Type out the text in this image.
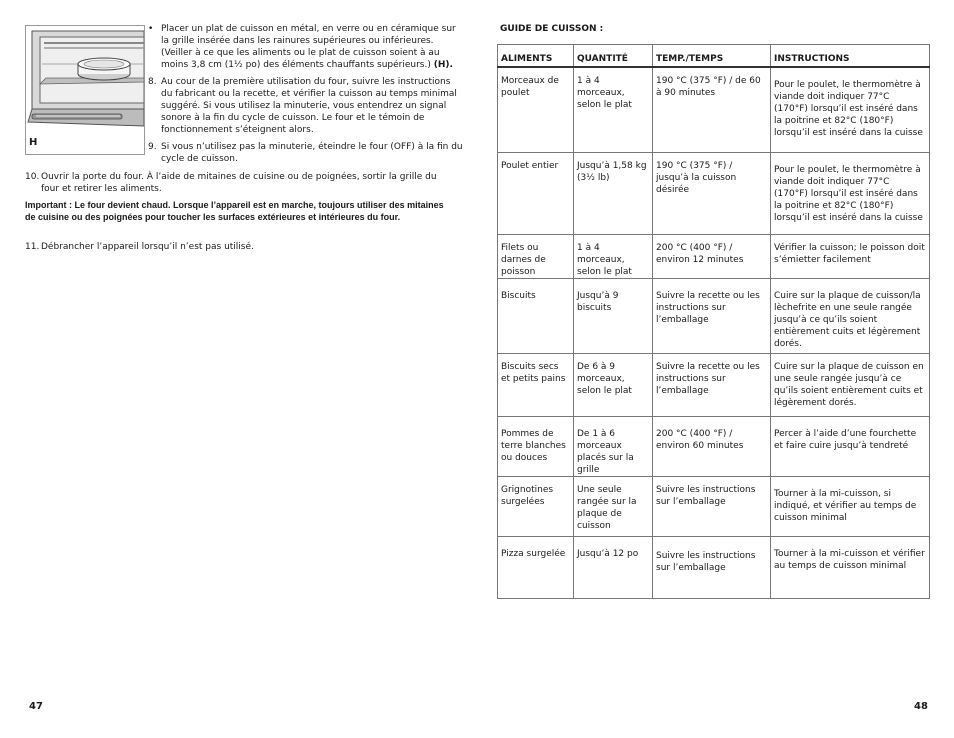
H
• Placer un plat de cuisson en métal, en verre ou en céramique sur la grille insérée dans les rainures supérieures ou inférieures. (Veiller à ce que les aliments ou le plat de cuisson soient à au moins 3,8 cm (1½ po) des éléments chauffants supérieurs.) (H).
8. Au cour de la première utilisation du four, suivre les instructions du fabricant ou la recette, et vérifier la cuisson au temps minimal suggéré. Si vous utilisez la minuterie, vous entendrez un signal sonore à la fin du cycle de cuisson. Le four et le témoin de fonctionnement s’éteignent alors.
9. Si vous n’utilisez pas la minuterie, éteindre le four (OFF) à la fin du cycle de cuisson.
10. Ouvrir la porte du four. À l’aide de mitaines de cuisine ou de poignées, sortir la grille du four et retirer les aliments.
Important : Le four devient chaud. Lorsque l’appareil est en marche, toujours utiliser des mitaines de cuisine ou des poignées pour toucher les surfaces extérieures et intérieures du four.
11. Débrancher l’appareil lorsqu’il n’est pas utilisé.
47
GUIDE DE CUISSON :
ALIMENTS	QUANTITÉ	TEMP./TEMPS	INSTRUCTIONS
Morceaux de poulet	1 à 4 morceaux, selon le plat	190 °C (375 °F) / de 60 à 90 minutes	Pour le poulet, le thermomètre à viande doit indiquer 77°C (170°F) lorsqu’il est inséré dans la poitrine et 82°C (180°F) lorsqu’il est inséré dans la cuisse
Poulet entier	Jusqu’à 1,58 kg (3½ lb)	190 °C (375 °F) / jusqu’à la cuisson désirée	Pour le poulet, le thermomètre à viande doit indiquer 77°C (170°F) lorsqu’il est inséré dans la poitrine et 82°C (180°F) lorsqu’il est inséré dans la cuisse
Filets ou darnes de poisson	1 à 4 morceaux, selon le plat	200 °C (400 °F) / environ 12 minutes	Vérifier la cuisson; le poisson doit s’émietter facilement
Biscuits	Jusqu’à 9 biscuits	Suivre la recette ou les instructions sur l’emballage	Cuire sur la plaque de cuisson/la lèchefrite en une seule rangée jusqu’à ce qu’ils soient entièrement cuits et légèrement dorés.
Biscuits secs et petits pains	De 6 à 9 morceaux, selon le plat	Suivre la recette ou les instructions sur l’emballage	Cuire sur la plaque de cuisson en une seule rangée jusqu’à ce qu’ils soient entièrement cuits et légèrement dorés.
Pommes de terre blanches ou douces	De 1 à 6 morceaux placés sur la grille	200 °C (400 °F) / environ 60 minutes	Percer à l’aide d’une fourchette et faire cuire jusqu’à tendreté
Grignotines surgelées	Une seule rangée sur la plaque de cuisson	Suivre les instructions sur l’emballage	Tourner à la mi-cuisson, si indiqué, et vérifier au temps de cuisson minimal
Pizza surgelée	Jusqu’à 12 po	Suivre les instructions sur l’emballage	Tourner à la mi-cuisson et vérifier au temps de cuisson minimal
48
